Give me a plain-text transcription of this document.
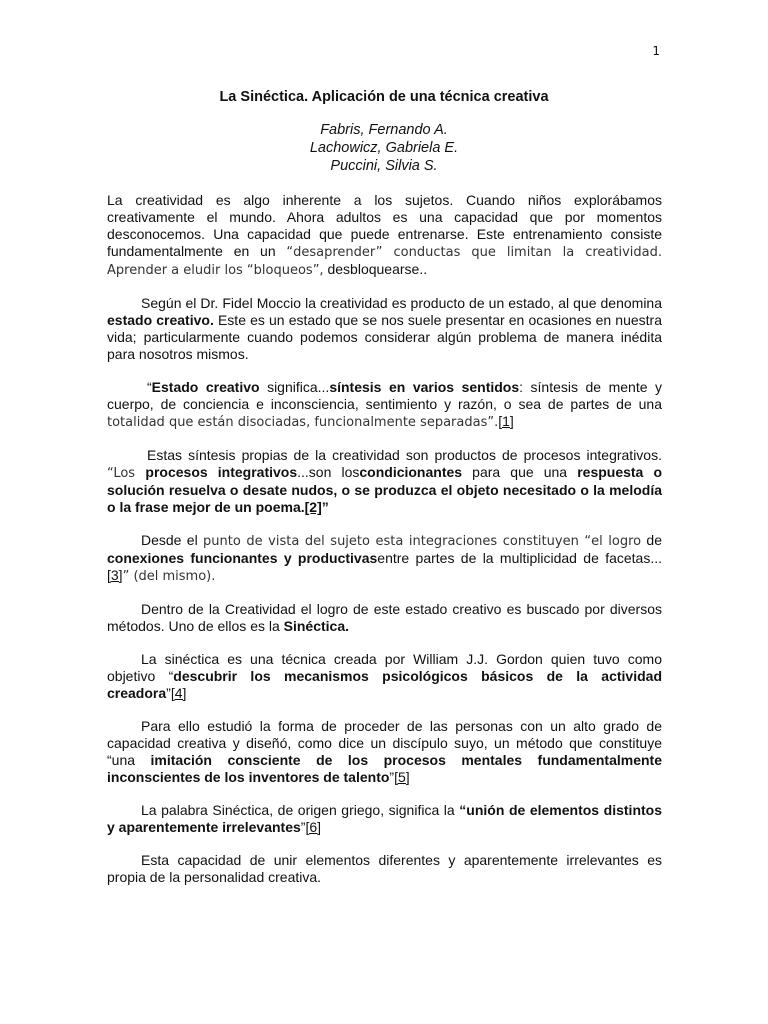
1
La Sinéctica. Aplicación de una técnica creativa
Fabris, Fernando A.
Lachowicz, Gabriela E.
Puccini, Silvia S.

La creatividad es algo inherente a los sujetos. Cuando niños explorábamos creativamente el mundo. Ahora adultos es una capacidad que por momentos desconocemos. Una capacidad que puede entrenarse. Este entrenamiento consiste fundamentalmente en un “desaprender” conductas que limitan la creatividad. Aprender a eludir los “bloqueos”, desbloquearse..

Según el Dr. Fidel Moccio la creatividad es producto de un estado, al que denomina estado creativo. Este es un estado que se nos suele presentar en ocasiones en nuestra vida; particularmente cuando podemos considerar algún problema de manera inédita para nosotros mismos.

“Estado creativo significa...síntesis en varios sentidos: síntesis de mente y cuerpo, de conciencia e inconsciencia, sentimiento y razón, o sea de partes de una totalidad que están disociadas, funcionalmente separadas”.[1]

Estas síntesis propias de la creatividad son productos de procesos integrativos. “Los procesos integrativos...son loscondicionantes para que una respuesta o solución resuelva o desate nudos, o se produzca el objeto necesitado o la melodía o la frase mejor de un poema.[2]”

Desde el punto de vista del sujeto esta integraciones constituyen “el logro de conexiones funcionantes y productivasentre partes de la multiplicidad de facetas...[3]” (del mismo).

Dentro de la Creatividad el logro de este estado creativo es buscado por diversos métodos. Uno de ellos es la Sinéctica.

La sinéctica es una técnica creada por William J.J. Gordon quien tuvo como objetivo “descubrir los mecanismos psicológicos básicos de la actividad creadora”[4]

Para ello estudió la forma de proceder de las personas con un alto grado de capacidad creativa y diseñó, como dice un discípulo suyo, un método que constituye “una imitación consciente de los procesos mentales fundamentalmente inconscientes de los inventores de talento”[5]

La palabra Sinéctica, de origen griego, significa la “unión de elementos distintos y aparentemente irrelevantes”[6]

Esta capacidad de unir elementos diferentes y aparentemente irrelevantes es propia de la personalidad creativa.
